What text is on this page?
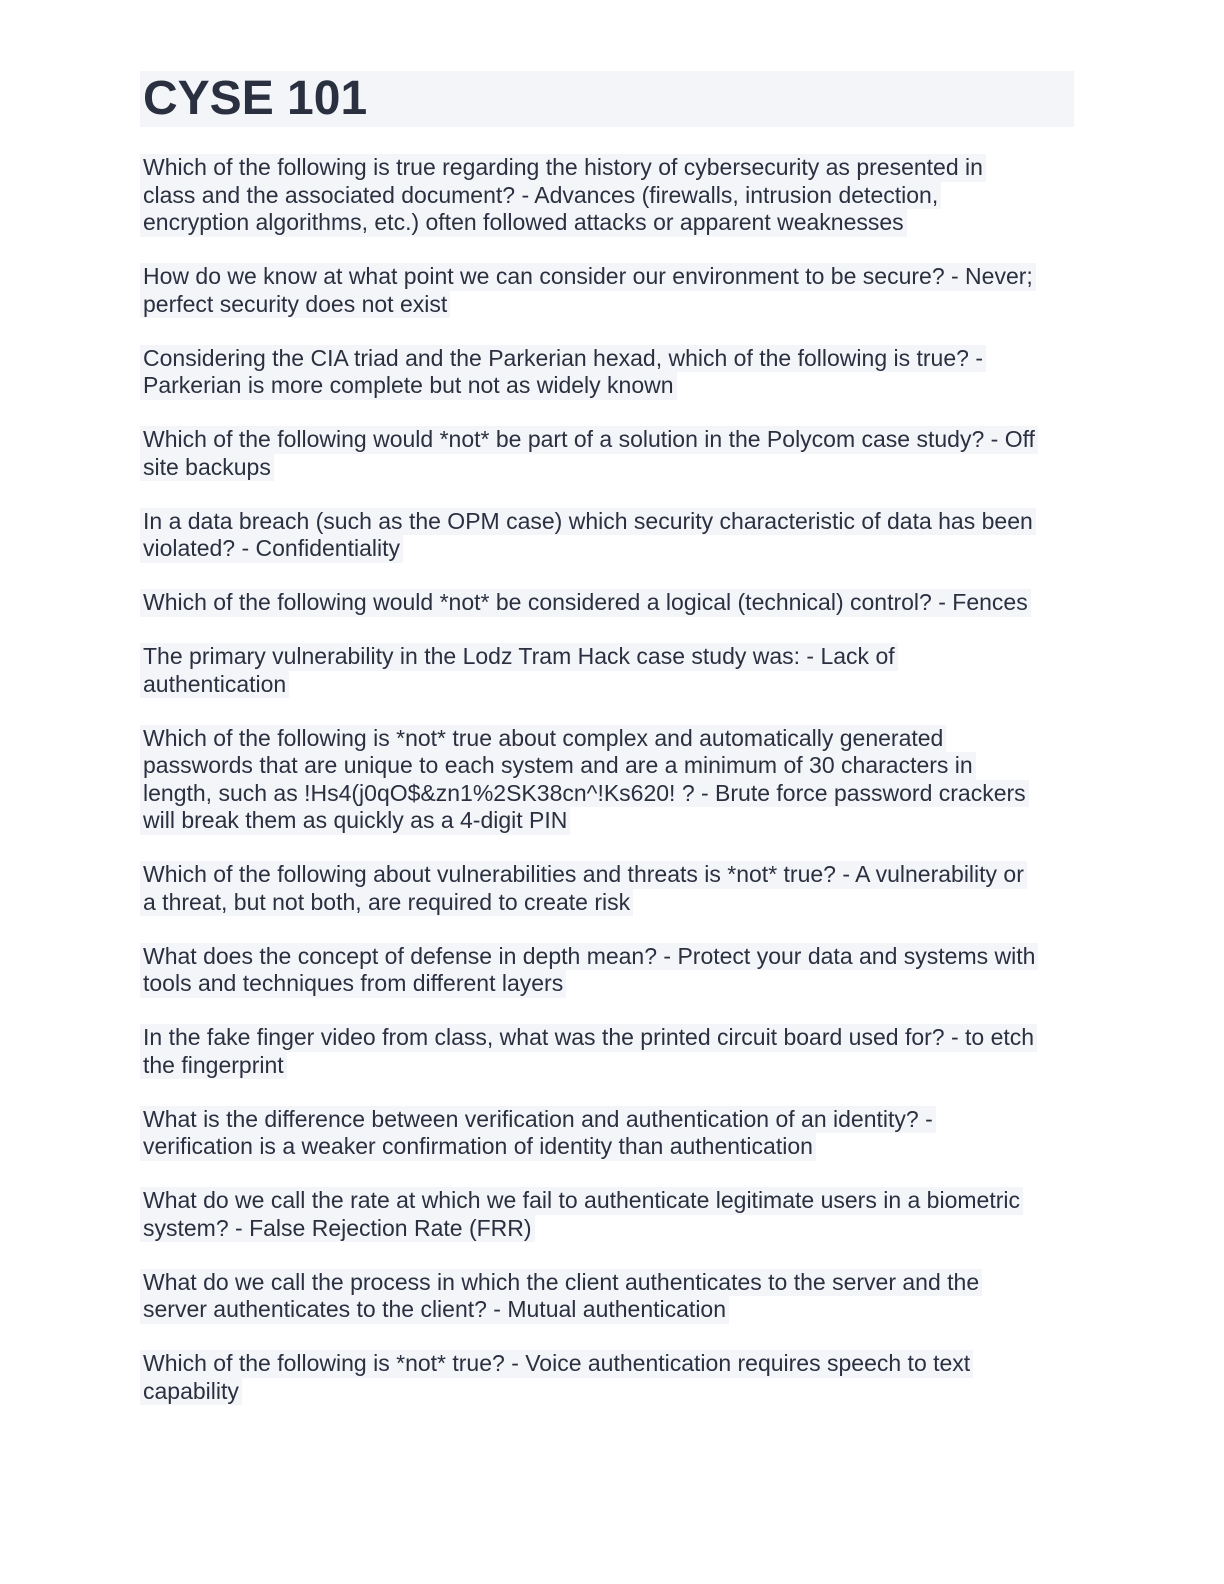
CYSE 101
Which of the following is true regarding the history of cybersecurity as presented in
class and the associated document? - Advances (firewalls, intrusion detection,
encryption algorithms, etc.) often followed attacks or apparent weaknesses
How do we know at what point we can consider our environment to be secure? - Never;
perfect security does not exist
Considering the CIA triad and the Parkerian hexad, which of the following is true? -
Parkerian is more complete but not as widely known
Which of the following would *not* be part of a solution in the Polycom case study? - Off
site backups
In a data breach (such as the OPM case) which security characteristic of data has been
violated? - Confidentiality
Which of the following would *not* be considered a logical (technical) control? - Fences
The primary vulnerability in the Lodz Tram Hack case study was: - Lack of
authentication
Which of the following is *not* true about complex and automatically generated
passwords that are unique to each system and are a minimum of 30 characters in
length, such as !Hs4(j0qO$&zn1%2SK38cn^!Ks620! ? - Brute force password crackers
will break them as quickly as a 4-digit PIN
Which of the following about vulnerabilities and threats is *not* true? - A vulnerability or
a threat, but not both, are required to create risk
What does the concept of defense in depth mean? - Protect your data and systems with
tools and techniques from different layers
In the fake finger video from class, what was the printed circuit board used for? - to etch
the fingerprint
What is the difference between verification and authentication of an identity? -
verification is a weaker confirmation of identity than authentication
What do we call the rate at which we fail to authenticate legitimate users in a biometric
system? - False Rejection Rate (FRR)
What do we call the process in which the client authenticates to the server and the
server authenticates to the client? - Mutual authentication
Which of the following is *not* true? - Voice authentication requires speech to text
capability
